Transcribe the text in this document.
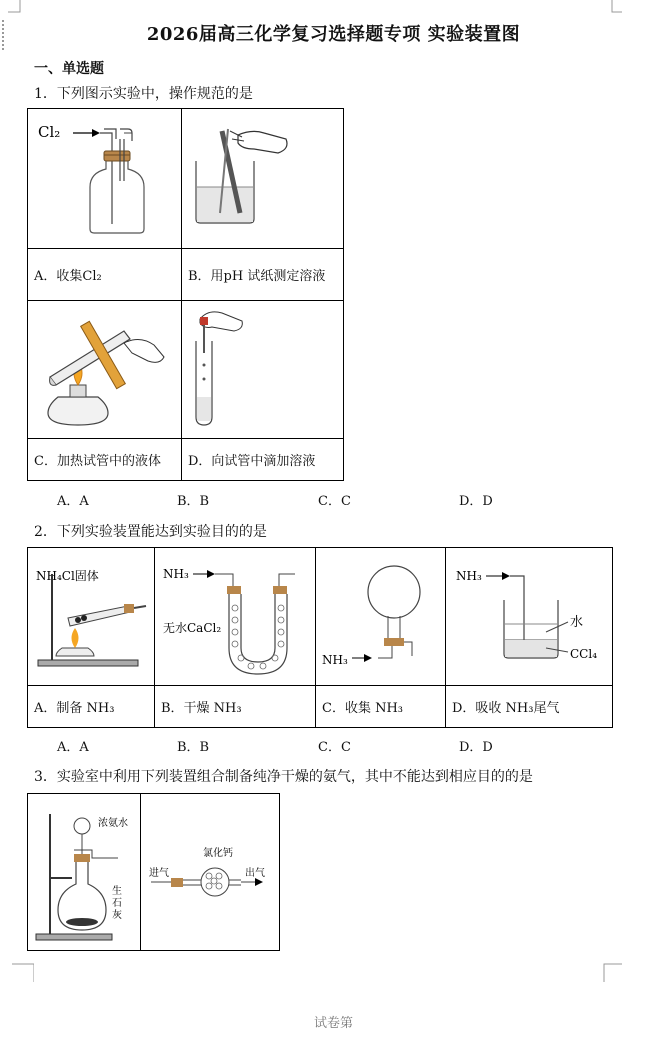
2026届高三化学复习选择题专项 实验装置图
一、单选题
1．下列图示实验中，操作规范的是
Cl₂

A．收集Cl₂	B．用pH 试纸测定溶液

C．加热试管中的液体	D．向试管中滴加溶液
A．A	B．B	C．C	D．D
2．下列实验装置能达到实验目的的是
NH₄Cl固体	NH₃
无水CaCl₂	NH₃	NH₃
水
CCl₄

A．制备 NH₃	B．干燥 NH₃	C．收集 NH₃	D．吸收 NH₃尾气
A．A	B．B	C．C	D．D
3．实验室中利用下列装置组合制备纯净干燥的氨气，其中不能达到相应目的的是
浓氨水
生
石
灰

氯化钙
进气	出气
试卷第
